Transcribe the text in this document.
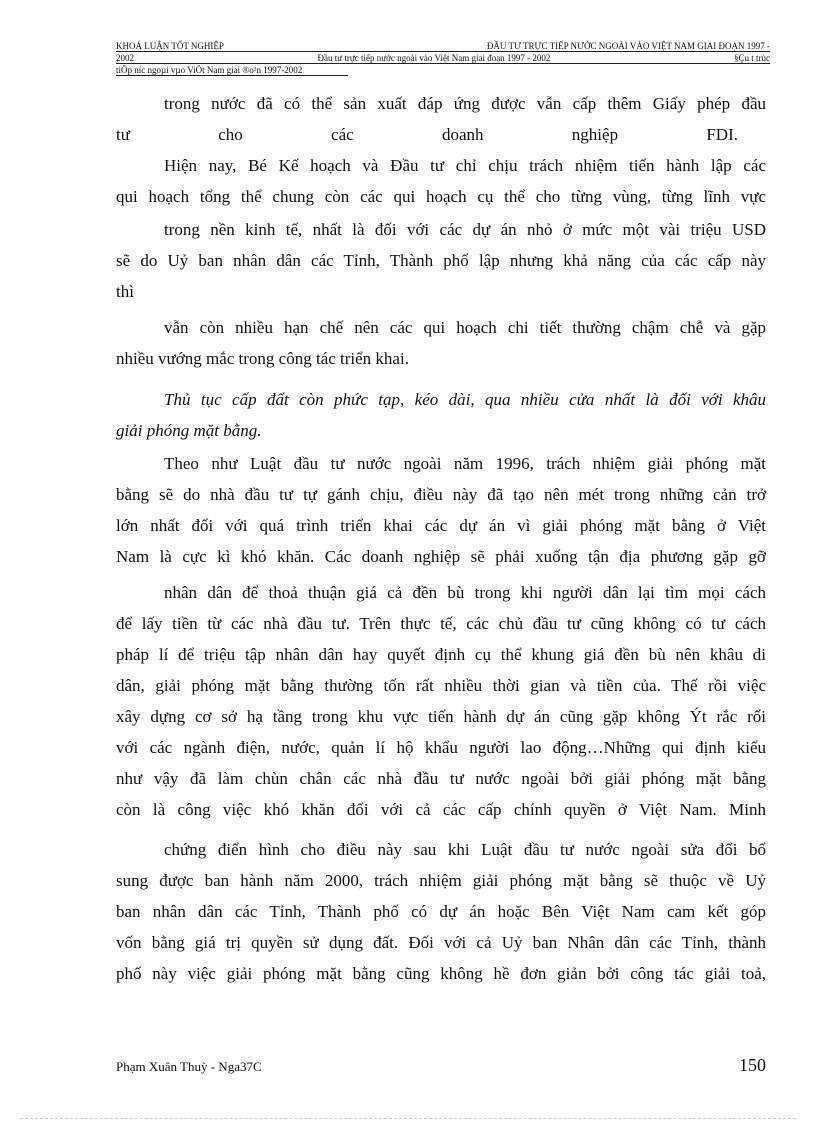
KHOÁ LUẬN TỐT NGHIỆP	ĐẦU TƯ TRỰC TIẾP NƯỚC NGOÀI VÀO VIỆT NAM GIAI ĐOẠN 1997 -
2002	Đầu tư trực tiếp nước ngoài vào Việt Nam giai đoạn 1997 - 2002	§Çu t trùc
tiÕp níc ngoµi vµo ViÖt Nam giai ®o¹n 1997-2002
trong nước đã có thể sản xuất đáp ứng được vẫn cấp thêm Giấy phép đầu
tư cho các doanh nghiệp FDI.
Hiện nay, Bé Kế hoạch và Đầu tư chỉ chịu trách nhiệm tiến hành lập các
qui hoạch tổng thể chung còn các qui hoạch cụ thể cho từng vùng, từng lĩnh vực
trong nền kinh tế, nhất là đối với các dự án nhỏ ở mức một vài triệu USD
sẽ do Uỷ ban nhân dân các Tỉnh, Thành phố lập nhưng khả năng của các cấp này
thì
vẫn còn nhiều hạn chế nên các qui hoạch chi tiết thường chậm chễ và gặp
nhiều vướng mắc trong công tác triển khai.
Thủ tục cấp đất còn phức tạp, kéo dài, qua nhiều cửa nhất là đối với khâu
giải phóng mặt bằng.
Theo như Luật đầu tư nước ngoài năm 1996, trách nhiệm giải phóng mặt
bằng sẽ do nhà đầu tư tự gánh chịu, điều này đã tạo nên mét trong những cản trở
lớn nhất đối với quá trình triển khai các dự án vì giải phóng mặt bằng ở Việt
Nam là cực kì khó khăn. Các doanh nghiệp sẽ phải xuống tận địa phương gặp gỡ
nhân dân để thoả thuận giá cả đền bù trong khi người dân lại tìm mọi cách
để lấy tiền từ các nhà đầu tư. Trên thực tế, các chủ đầu tư cũng không có tư cách
pháp lí để triệu tập nhân dân hay quyết định cụ thể khung giá đền bù nên khâu di
dân, giải phóng mặt bằng thường tốn rất nhiều thời gian và tiền của. Thế rồi việc
xây dựng cơ sở hạ tầng trong khu vực tiến hành dự án cũng gặp không Ýt rắc rối
với các ngành điện, nước, quản lí hộ khẩu người lao động…Những qui định kiểu
như vậy đã làm chùn chân các nhà đầu tư nước ngoài bởi giải phóng mặt bằng
còn là công việc khó khăn đối với cả các cấp chính quyền ở Việt Nam. Minh
chứng điển hình cho điều này sau khi Luật đầu tư nước ngoài sửa đổi bổ
sung được ban hành năm 2000, trách nhiệm giải phóng mặt bằng sẽ thuộc về Uỷ
ban nhân dân các Tỉnh, Thành phố có dự án hoặc Bên Việt Nam cam kết góp
vốn bằng giá trị quyền sử dụng đất. Đối với cả Uỷ ban Nhân dân các Tỉnh, thành
phố này việc giải phóng mặt bằng cũng không hề đơn giản bởi công tác giải toả,
Phạm Xuân Thuỳ - Nga37C	150
